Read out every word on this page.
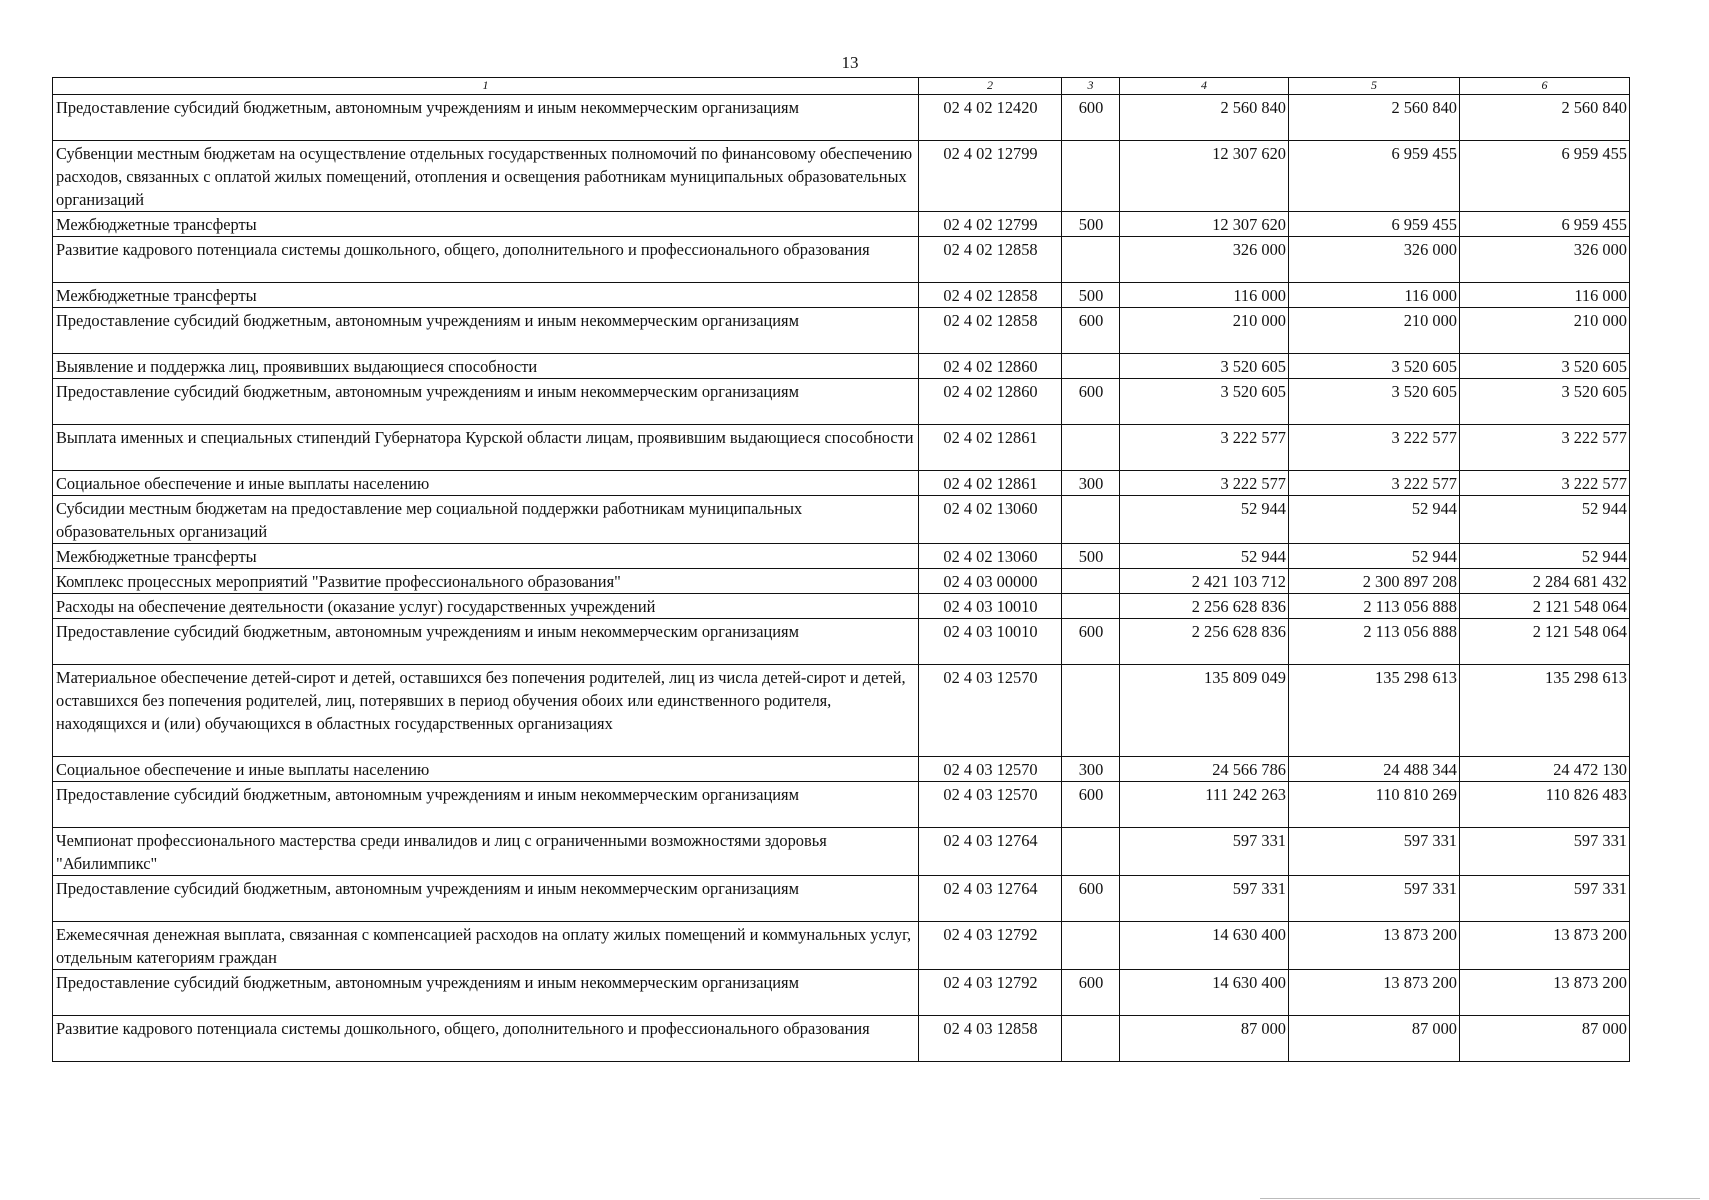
13
1	2	3	4	5	6
Предоставление субсидий бюджетным, автономным учреждениям и иным некоммерческим организациям	02 4 02 12420	600	2 560 840	2 560 840	2 560 840
Субвенции местным бюджетам на осуществление отдельных государственных полномочий по финансовому обеспечению расходов, связанных с оплатой жилых помещений, отопления и освещения работникам муниципальных образовательных организаций	02 4 02 12799		12 307 620	6 959 455	6 959 455
Межбюджетные трансферты	02 4 02 12799	500	12 307 620	6 959 455	6 959 455
Развитие кадрового потенциала системы дошкольного, общего, дополнительного и профессионального образования	02 4 02 12858		326 000	326 000	326 000
Межбюджетные трансферты	02 4 02 12858	500	116 000	116 000	116 000
Предоставление субсидий бюджетным, автономным учреждениям и иным некоммерческим организациям	02 4 02 12858	600	210 000	210 000	210 000
Выявление и поддержка лиц, проявивших выдающиеся способности	02 4 02 12860		3 520 605	3 520 605	3 520 605
Предоставление субсидий бюджетным, автономным учреждениям и иным некоммерческим организациям	02 4 02 12860	600	3 520 605	3 520 605	3 520 605
Выплата именных и специальных стипендий Губернатора Курской области лицам, проявившим выдающиеся способности	02 4 02 12861		3 222 577	3 222 577	3 222 577
Социальное обеспечение и иные выплаты населению	02 4 02 12861	300	3 222 577	3 222 577	3 222 577
Субсидии местным бюджетам на предоставление мер социальной поддержки работникам муниципальных образовательных организаций	02 4 02 13060		52 944	52 944	52 944
Межбюджетные трансферты	02 4 02 13060	500	52 944	52 944	52 944
Комплекс процессных мероприятий "Развитие профессионального образования"	02 4 03 00000		2 421 103 712	2 300 897 208	2 284 681 432
Расходы на обеспечение деятельности (оказание услуг) государственных учреждений	02 4 03 10010		2 256 628 836	2 113 056 888	2 121 548 064
Предоставление субсидий бюджетным, автономным учреждениям и иным некоммерческим организациям	02 4 03 10010	600	2 256 628 836	2 113 056 888	2 121 548 064
Материальное обеспечение детей-сирот и детей, оставшихся без попечения родителей, лиц из числа детей-сирот и детей, оставшихся без попечения родителей, лиц, потерявших в период обучения обоих или единственного родителя, находящихся и (или) обучающихся в областных государственных организациях	02 4 03 12570		135 809 049	135 298 613	135 298 613
Социальное обеспечение и иные выплаты населению	02 4 03 12570	300	24 566 786	24 488 344	24 472 130
Предоставление субсидий бюджетным, автономным учреждениям и иным некоммерческим организациям	02 4 03 12570	600	111 242 263	110 810 269	110 826 483
Чемпионат профессионального мастерства среди инвалидов и лиц с ограниченными возможностями здоровья "Абилимпикс"	02 4 03 12764		597 331	597 331	597 331
Предоставление субсидий бюджетным, автономным учреждениям и иным некоммерческим организациям	02 4 03 12764	600	597 331	597 331	597 331
Ежемесячная денежная выплата, связанная с компенсацией расходов на оплату жилых помещений и коммунальных услуг, отдельным категориям граждан	02 4 03 12792		14 630 400	13 873 200	13 873 200
Предоставление субсидий бюджетным, автономным учреждениям и иным некоммерческим организациям	02 4 03 12792	600	14 630 400	13 873 200	13 873 200
Развитие кадрового потенциала системы дошкольного, общего, дополнительного и профессионального образования	02 4 03 12858		87 000	87 000	87 000
